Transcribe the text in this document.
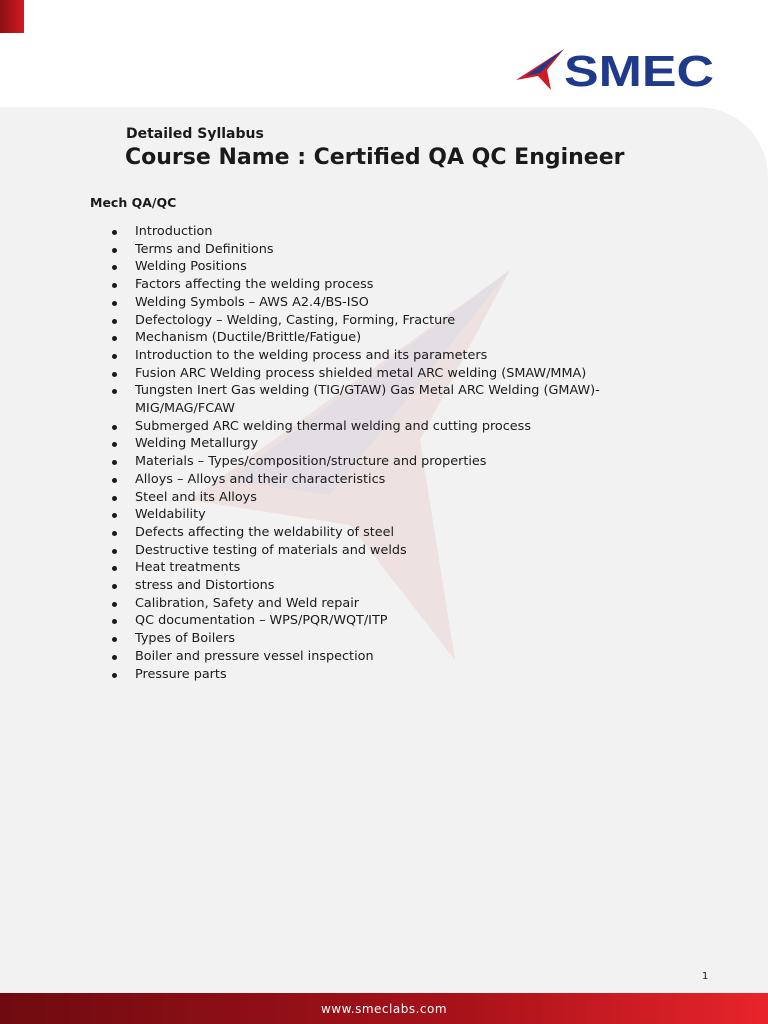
SMEC
Detailed Syllabus
Course Name : Certified QA QC Engineer
Mech QA/QC
Introduction
Terms and Definitions
Welding Positions
Factors affecting the welding process
Welding Symbols – AWS A2.4/BS-ISO
Defectology – Welding, Casting, Forming, Fracture
Mechanism (Ductile/Brittle/Fatigue)
Introduction to the welding process and its parameters
Fusion ARC Welding process shielded metal ARC welding (SMAW/MMA)
Tungsten Inert Gas welding (TIG/GTAW) Gas Metal ARC Welding (GMAW)-MIG/MAG/FCAW
Submerged ARC welding thermal welding and cutting process
Welding Metallurgy
Materials – Types/composition/structure and properties
Alloys – Alloys and their characteristics
Steel and its Alloys
Weldability
Defects affecting the weldability of steel
Destructive testing of materials and welds
Heat treatments
stress and Distortions
Calibration, Safety and Weld repair
QC documentation – WPS/PQR/WQT/ITP
Types of Boilers
Boiler and pressure vessel inspection
Pressure parts
1
www.smeclabs.com
